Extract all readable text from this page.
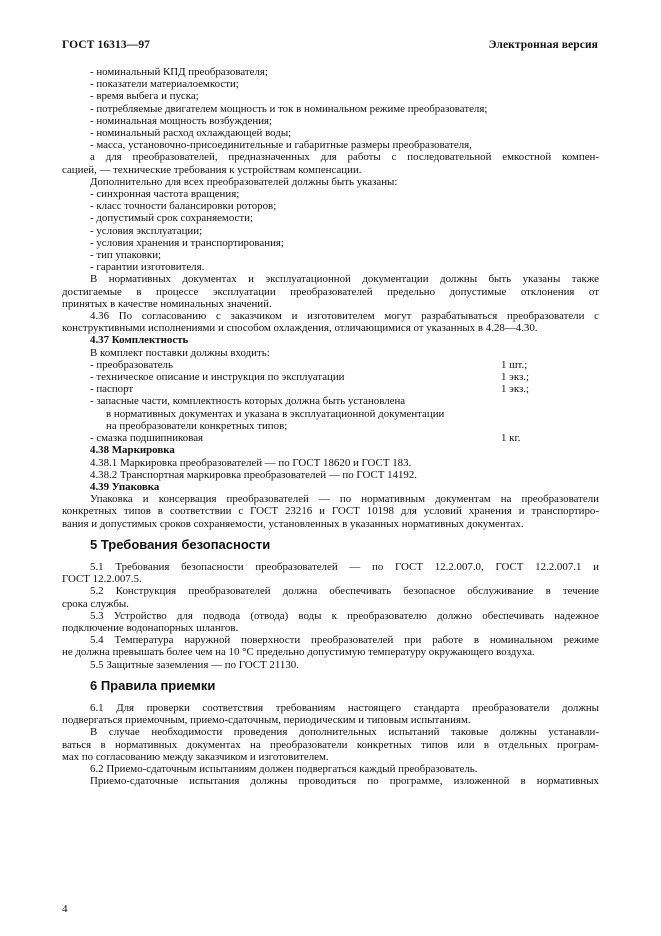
ГОСТ 16313—97	Электронная версия
- номинальный КПД преобразователя;
- показатели материалоемкости;
- время выбега и пуска;
- потребляемые двигателем мощность и ток в номинальном режиме преобразователя;
- номинальная мощность возбуждения;
- номинальный расход охлаждающей воды;
- масса, установочно-присоединительные и габаритные размеры преобразователя,
а для преобразователей, предназначенных для работы с последовательной емкостной компен-
сацией, — технические требования к устройствам компенсации.
Дополнительно для всех преобразователей должны быть указаны:
- синхронная частота вращения;
- класс точности балансировки роторов;
- допустимый срок сохраняемости;
- условия эксплуатации;
- условия хранения и транспортирования;
- тип упаковки;
- гарантии изготовителя.
В нормативных документах и эксплуатационной документации должны быть указаны также
достигаемые в процессе эксплуатации преобразователей предельно допустимые отклонения от
принятых в качестве номинальных значений.
4.36 По согласованию с заказчиком и изготовителем могут разрабатываться преобразователи с
конструктивными исполнениями и способом охлаждения, отличающимися от указанных в 4.28—4.30.
4.37 Комплектность
В комплект поставки должны входить:
- преобразователь	1 шт.;
- техническое описание и инструкция по эксплуатации	1 экз.;
- паспорт	1 экз.;
- запасные части, комплектность которых должна быть установлена
в нормативных документах и указана в эксплуатационной документации
на преобразователи конкретных типов;
- смазка подшипниковая	1 кг.
4.38 Маркировка
4.38.1 Маркировка преобразователей — по ГОСТ 18620 и ГОСТ 183.
4.38.2 Транспортная маркировка преобразователей — по ГОСТ 14192.
4.39 Упаковка
Упаковка и консервация преобразователей — по нормативным документам на преобразователи
конкретных типов в соответствии с ГОСТ 23216 и ГОСТ 10198 для условий хранения и транспортиро-
вания и допустимых сроков сохраняемости, установленных в указанных нормативных документах.
5 Требования безопасности
5.1 Требования безопасности преобразователей — по ГОСТ 12.2.007.0, ГОСТ 12.2.007.1 и
ГОСТ 12.2.007.5.
5.2 Конструкция преобразователей должна обеспечивать безопасное обслуживание в течение
срока службы.
5.3 Устройство для подвода (отвода) воды к преобразователю должно обеспечивать надежное
подключение водонапорных шлангов.
5.4 Температура наружной поверхности преобразователей при работе в номинальном режиме
не должна превышать более чем на 10 °С предельно допустимую температуру окружающего воздуха.
5.5 Защитные заземления — по ГОСТ 21130.
6 Правила приемки
6.1 Для проверки соответствия требованиям настоящего стандарта преобразователи должны
подвергаться приемочным, приемо-сдаточным, периодическим и типовым испытаниям.
В случае необходимости проведения дополнительных испытаний таковые должны устанавли-
ваться в нормативных документах на преобразователи конкретных типов или в отдельных програм-
мах по согласованию между заказчиком и изготовителем.
6.2 Приемо-сдаточным испытаниям должен подвергаться каждый преобразователь.
Приемо-сдаточные испытания должны проводиться по программе, изложенной в нормативных
4
